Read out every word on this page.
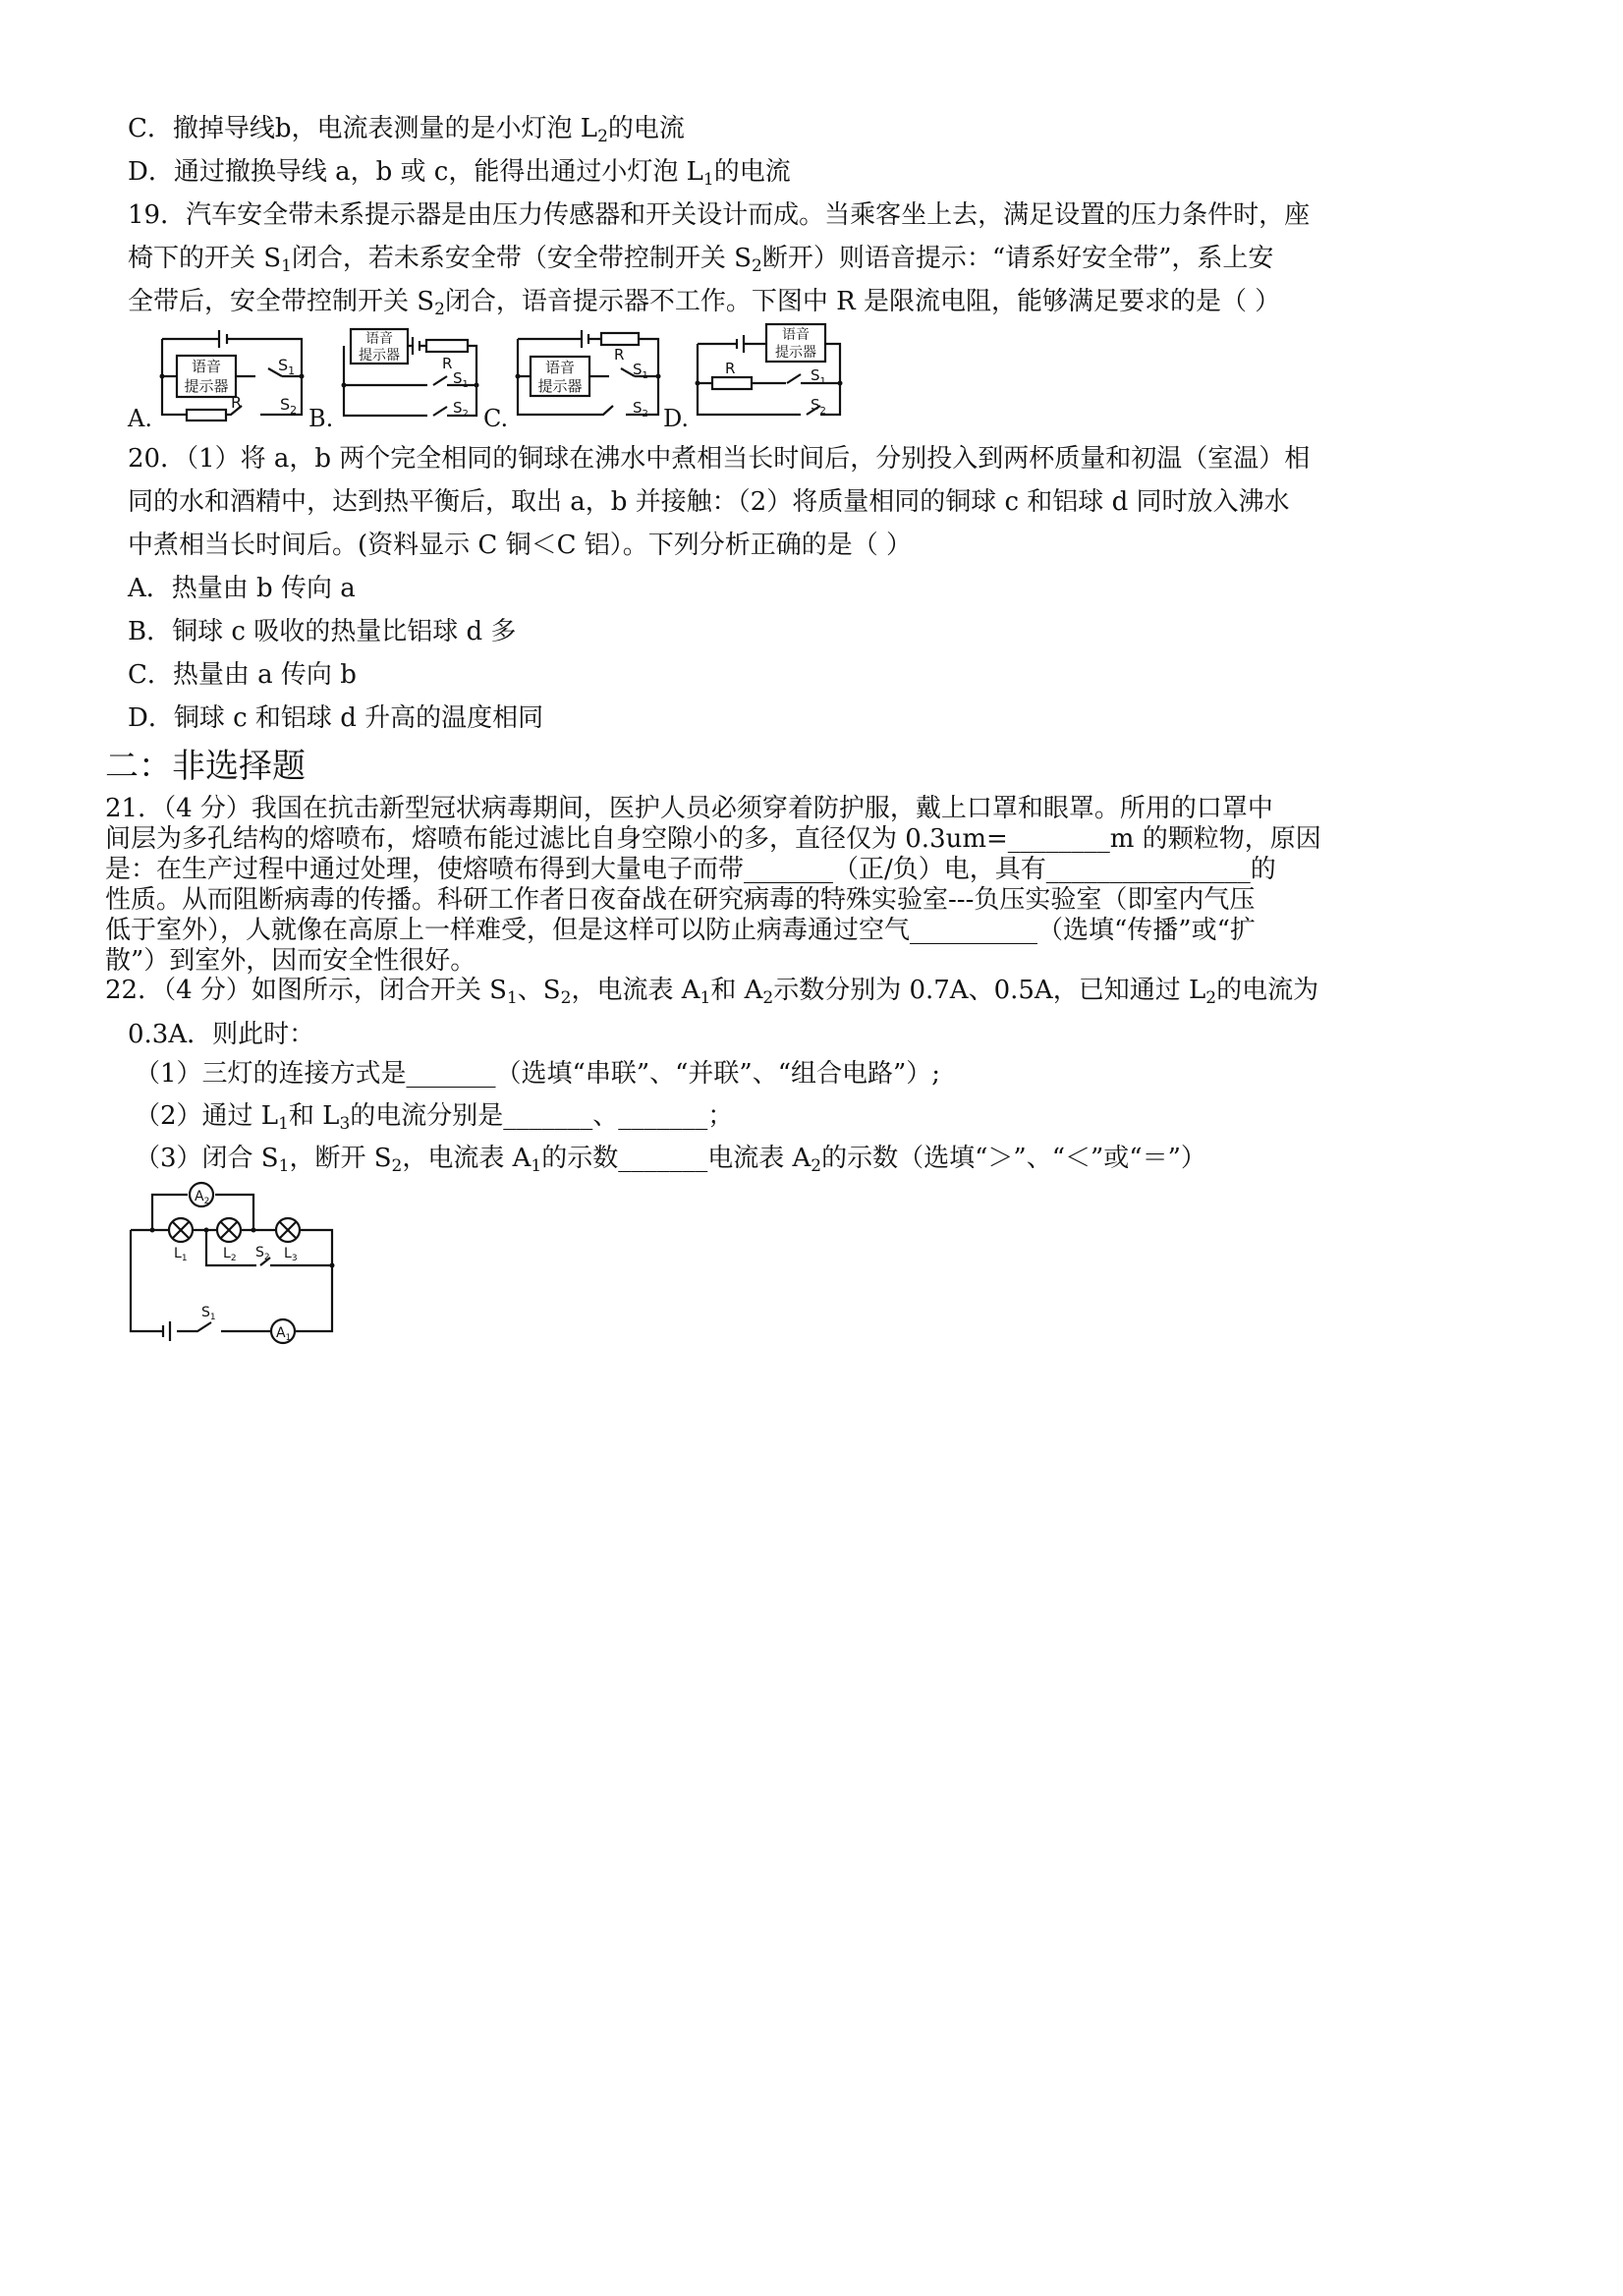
C．撤掉导线b，电流表测量的是小灯泡 $L_2$的电流
D．通过撤换导线 a，b 或 c，能得出通过小灯泡 $L_1$的电流
19．汽车安全带未系提示器是由压力传感器和开关设计而成。当乘客坐上去，满足设置的压力条件时，座
椅下的开关 $S_1$闭合，若未系安全带（安全带控制开关 $S_2$断开）则语音提示：“请系好安全带”，系上安
全带后，安全带控制开关 $S_2$闭合，语音提示器不工作。下图中 R 是限流电阻，能够满足要求的是（ ）
A.	B.	C.	D.
语音
提示器
R
$S_1$
$S_2$
语音
提示器	R
$S_1$
$S_2$
语音
提示器
R
$S_1$
$S_2$
语音
提示器
R	$S_1$
$S_2$
20．（1）将 a，b 两个完全相同的铜球在沸水中煮相当长时间后，分别投入到两杯质量和初温（室温）相
同的水和酒精中，达到热平衡后，取出 a，b 并接触：（2）将质量相同的铜球 c 和铝球 d 同时放入沸水
中煮相当长时间后。(资料显示 C 铜＜C 铝）。下列分析正确的是（ ）
A．热量由 b 传向 a
B．铜球 c 吸收的热量比铝球 d 多
C．热量由 a 传向 b
D．铜球 c 和铝球 d 升高的温度相同
二：非选择题
21．（4 分）我国在抗击新型冠状病毒期间，医护人员必须穿着防护服，戴上口罩和眼罩。所用的口罩中
间层为多孔结构的熔喷布，熔喷布能过滤比自身空隙小的多，直径仅为 0.3um=________m 的颗粒物，原因
是：在生产过程中通过处理，使熔喷布得到大量电子而带_______（正/负）电，具有________________的
性质。从而阻断病毒的传播。科研工作者日夜奋战在研究病毒的特殊实验室---负压实验室（即室内气压
低于室外），人就像在高原上一样难受，但是这样可以防止病毒通过空气__________（选填“传播”或“扩
散”）到室外，因而安全性很好。
22．（4 分）如图所示，闭合开关 $S_1$、$S_2$，电流表 $A_1$和 $A_2$示数分别为 0.7A、0.5A，已知通过 $L_2$的电流为
0.3A．则此时：
（1）三灯的连接方式是_______（选填“串联”、“并联”、“组合电路”）;
（2）通过 $L_1$和 $L_3$的电流分别是_______、_______；
（3）闭合 $S_1$，断开 $S_2$，电流表 $A_1$的示数_______电流表 $A_2$的示数（选填“＞”、“＜”或“＝”）
$A_2$
$L_1$	$L_2$	$L_3$
$S_2$
$S_1$
$A_1$
